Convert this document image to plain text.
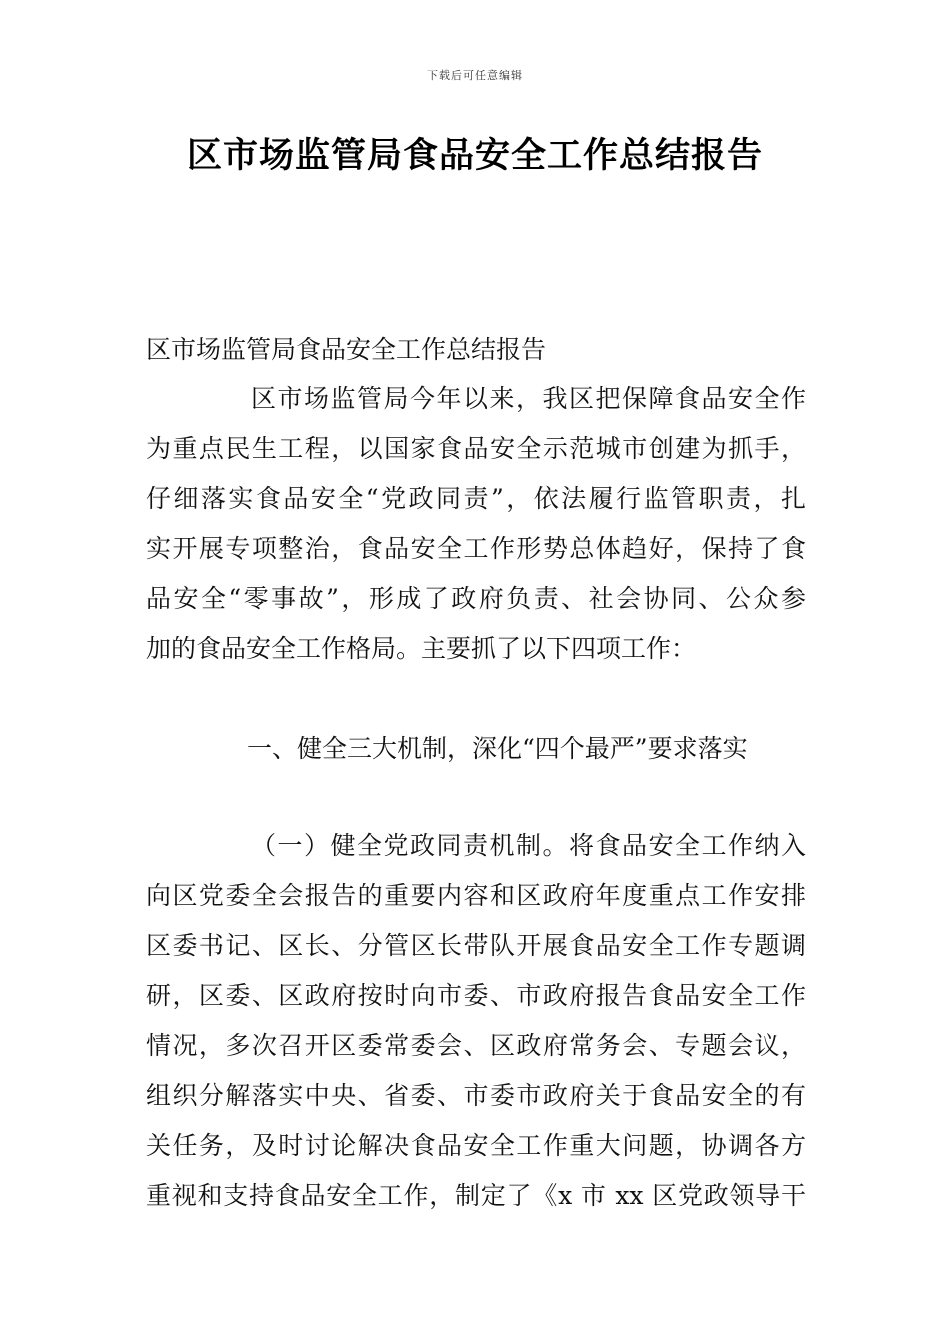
下载后可任意编辑
区市场监管局食品安全工作总结报告
区市场监管局食品安全工作总结报告
区市场监管局今年以来，我区把保障食品安全作
为重点民生工程，以国家食品安全示范城市创建为抓手，
仔细落实食品安全“党政同责”，依法履行监管职责，扎
实开展专项整治，食品安全工作形势总体趋好，保持了食
品安全“零事故”，形成了政府负责、社会协同、公众参
加的食品安全工作格局。主要抓了以下四项工作：
一、健全三大机制，深化“四个最严”要求落实
（一）健全党政同责机制。将食品安全工作纳入
向区党委全会报告的重要内容和区政府年度重点工作安排
区委书记、区长、分管区长带队开展食品安全工作专题调
研，区委、区政府按时向市委、市政府报告食品安全工作
情况，多次召开区委常委会、区政府常务会、专题会议，
组织分解落实中央、省委、市委市政府关于食品安全的有
关任务，及时讨论解决食品安全工作重大问题，协调各方
重视和支持食品安全工作，制定了《x 市 xx 区党政领导干
